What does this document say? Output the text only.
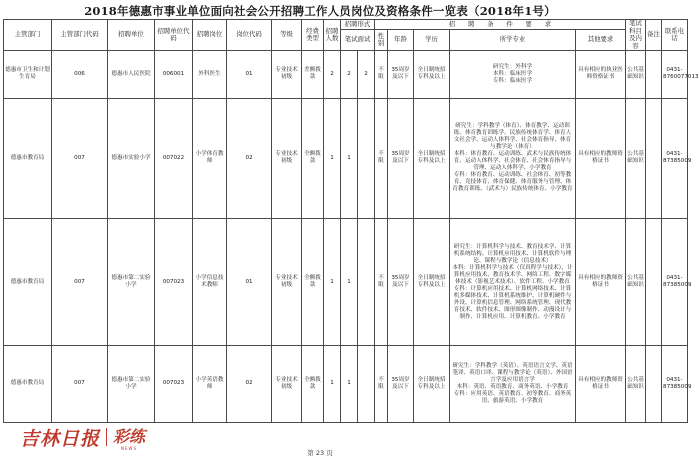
2018年德惠市事业单位面向社会公开招聘工作人员岗位及资格条件一览表（2018年1号）
主管部门	主管部门代码	招聘单位	招聘单位代码	招聘岗位	岗位代码	等级	经费类型	招聘人数	招聘形式		招　　聘　　条　　件　　要　　求					笔试科目及内容	备注	联系电话
									笔试面试		性别	年龄	学历	所学专业	其他要求			

德惠市卫生和计划生育局	006	德惠市人民医院	006001	外科医生	01	专业技术初级	差额拨款	2	2	2	不限	35周岁及以下	全日制统招专科及以上	研究生：外科学
本科：临床医学
专科：临床医学	具有相应的执业医师资格证书	公共基础知识		0431-8760077013
德惠市教育局	007	德惠市实验小学	007022	小学体育教师	02	专业技术初级	全额拨款	1	1		不限	35周岁及以下	全日制统招专科及以上	研究生：学科教学（体育）、体育教学、运动训练、体育教育训练学、民族传统体育学、体育人文社会学、运动人体科学、社会体育指导、体育与教学论（体育）
本科：体育教育、运动训练、武术与民族传统体育、运动人体科学、社会体育、社会体育指导与管理、运动人体科学、小学教育
专科：体育教育、运动训练、社会体育、初等教育、竞技体育、体育保健、体育服务与管理、体育教育训练、（武术与）民族传统体育、小学教育	具有相应的教师资格证书	公共基础知识		0431-87385009
德惠市教育局	007	德惠市第二实验小学	007023	小学信息技术教师	01	专业技术初级	全额拨款	1	1		不限	35周岁及以下	全日制统招专科及以上	研究生：计算机科学与技术、教育技术学、计算机系统结构、计算机应用技术、计算机软件与理论、课程与教学论（信息技术）
本科：计算机科学与技术（仅真程学与技术）、计算机应用技术、教育技术学、网络工程、数字媒体技术（影视艺术技术）、软件工程、小学教育
专科：计算机应用技术、计算机网络技术、计算机多媒体技术、计算机系统维护、计算机硬件与外设、计算机信息管理、网络系统管理、现代教育技术、软件技术、图形图像制作、动漫设计与制作、计算机应用、计算机教育、小学教育	具有相应的教师资格证书	公共基础知识		0431-87385009
德惠市教育局	007	德惠市第二实验小学	007023	小学英语教师	02	专业技术初级	全额拨款	1	1		不限	35周岁及以下	全日制统招专科及以上	研究生：学科教学（英语）、英语语言文学、英语笔译、英语口译、课程与教学论（英语）、外国语言学及应用语言学
本科：英语、英语教育、商务英语、小学教育
专科：应用英语、英语教育、初等教育、商务英语、旅游英语、小学教育	具有相应的教师资格证书	公共基础知识		0431-87385009
吉林日报 彩练
NEWS
第 23 页
